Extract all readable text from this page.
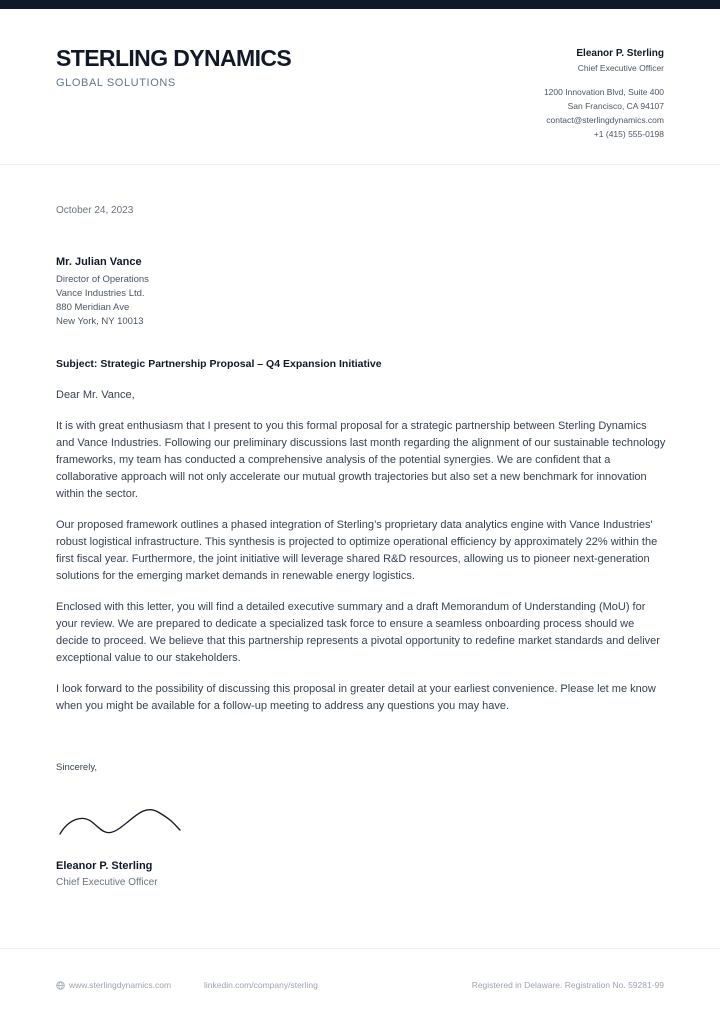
STERLING DYNAMICS
GLOBAL SOLUTIONS
Eleanor P. Sterling
Chief Executive Officer
1200 Innovation Blvd, Suite 400
San Francisco, CA 94107
contact@sterlingdynamics.com
+1 (415) 555-0198
October 24, 2023
Mr. Julian Vance
Director of Operations
Vance Industries Ltd.
880 Meridian Ave
New York, NY 10013
Subject: Strategic Partnership Proposal – Q4 Expansion Initiative
Dear Mr. Vance,

It is with great enthusiasm that I present to you this formal proposal for a strategic partnership between Sterling Dynamics and Vance Industries. Following our preliminary discussions last month regarding the alignment of our sustainable technology frameworks, my team has conducted a comprehensive analysis of the potential synergies. We are confident that a collaborative approach will not only accelerate our mutual growth trajectories but also set a new benchmark for innovation within the sector.

Our proposed framework outlines a phased integration of Sterling’s proprietary data analytics engine with Vance Industries' robust logistical infrastructure. This synthesis is projected to optimize operational efficiency by approximately 22% within the first fiscal year. Furthermore, the joint initiative will leverage shared R&D resources, allowing us to pioneer next-generation solutions for the emerging market demands in renewable energy logistics.

Enclosed with this letter, you will find a detailed executive summary and a draft Memorandum of Understanding (MoU) for your review. We are prepared to dedicate a specialized task force to ensure a seamless onboarding process should we decide to proceed. We believe that this partnership represents a pivotal opportunity to redefine market standards and deliver exceptional value to our stakeholders.

I look forward to the possibility of discussing this proposal in greater detail at your earliest convenience. Please let me know when you might be available for a follow-up meeting to address any questions you may have.

Sincerely,
Eleanor P. Sterling
Chief Executive Officer
www.sterlingdynamics.com	linkedin.com/company/sterling	Registered in Delaware. Registration No. 59281-99
